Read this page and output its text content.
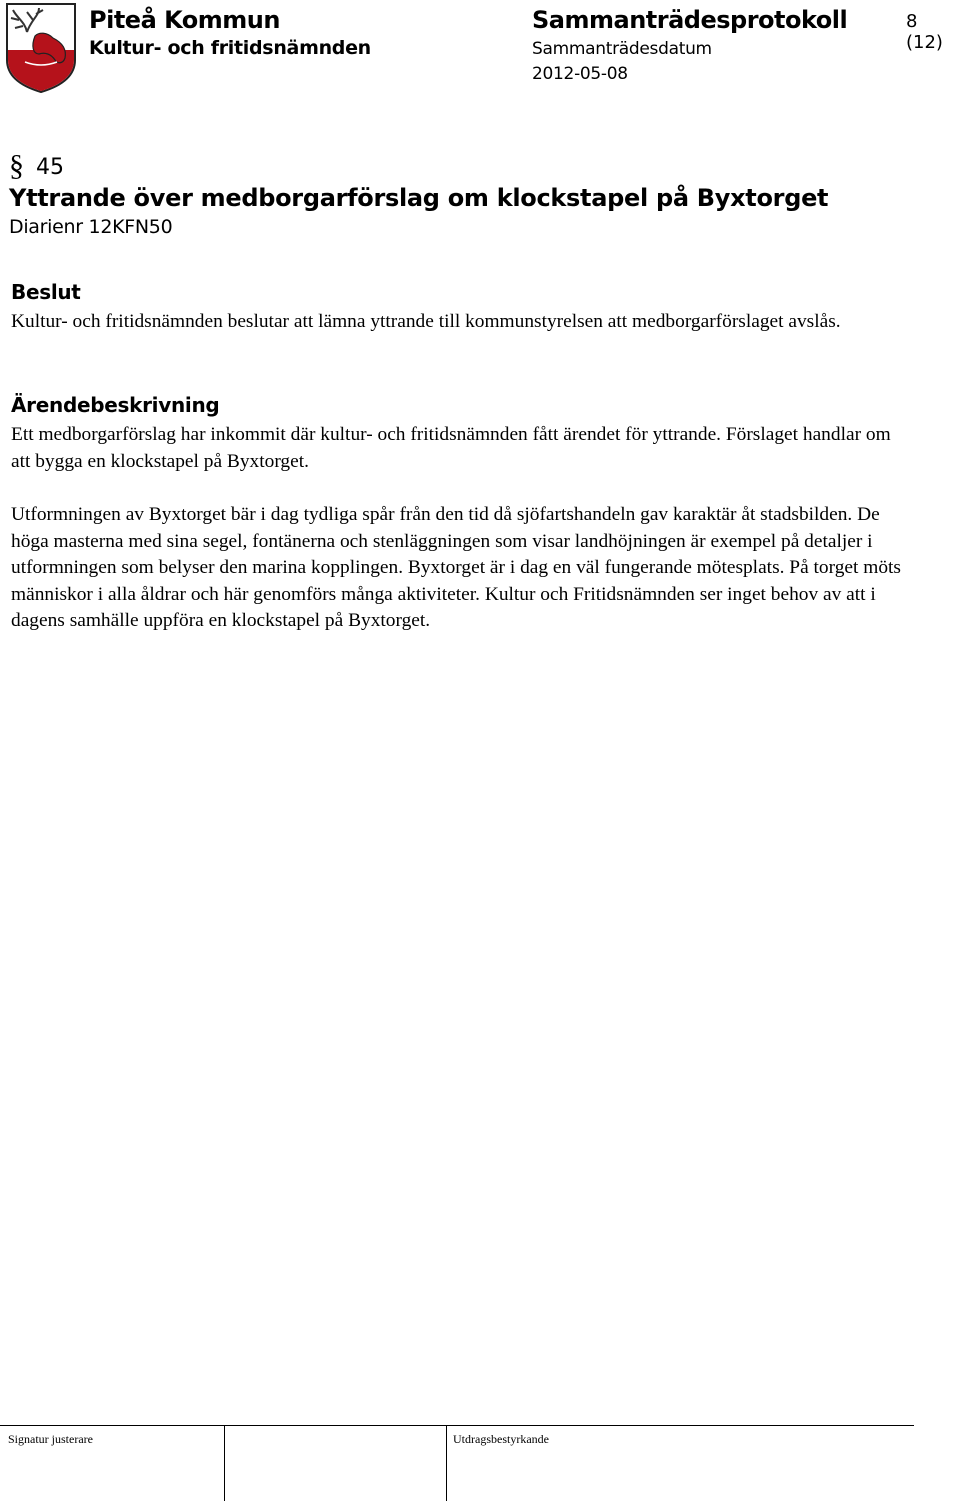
Piteå Kommun
Kultur- och fritidsnämnden
Sammanträdesprotokoll
Sammanträdesdatum
2012-05-08
8 (12)
§ 45
Yttrande över medborgarförslag om klockstapel på Byxtorget
Diarienr 12KFN50
Beslut

Kultur- och fritidsnämnden beslutar att lämna yttrande till kommunstyrelsen att medborgarförslaget avslås.

Ärendebeskrivning

Ett medborgarförslag har inkommit där kultur- och fritidsnämnden fått ärendet för yttrande. Förslaget handlar om att bygga en klockstapel på Byxtorget.

Utformningen av Byxtorget bär i dag tydliga spår från den tid då sjöfartshandeln gav karaktär åt stadsbilden. De höga masterna med sina segel, fontänerna och stenläggningen som visar landhöjningen är exempel på detaljer i utformningen som belyser den marina kopplingen. Byxtorget är i dag en väl fungerande mötesplats. På torget möts människor i alla åldrar och här genomförs många aktiviteter. Kultur och Fritidsnämnden ser inget behov av att i dagens samhälle uppföra en klockstapel på Byxtorget.

Signatur justerare	Utdragsbestyrkande
